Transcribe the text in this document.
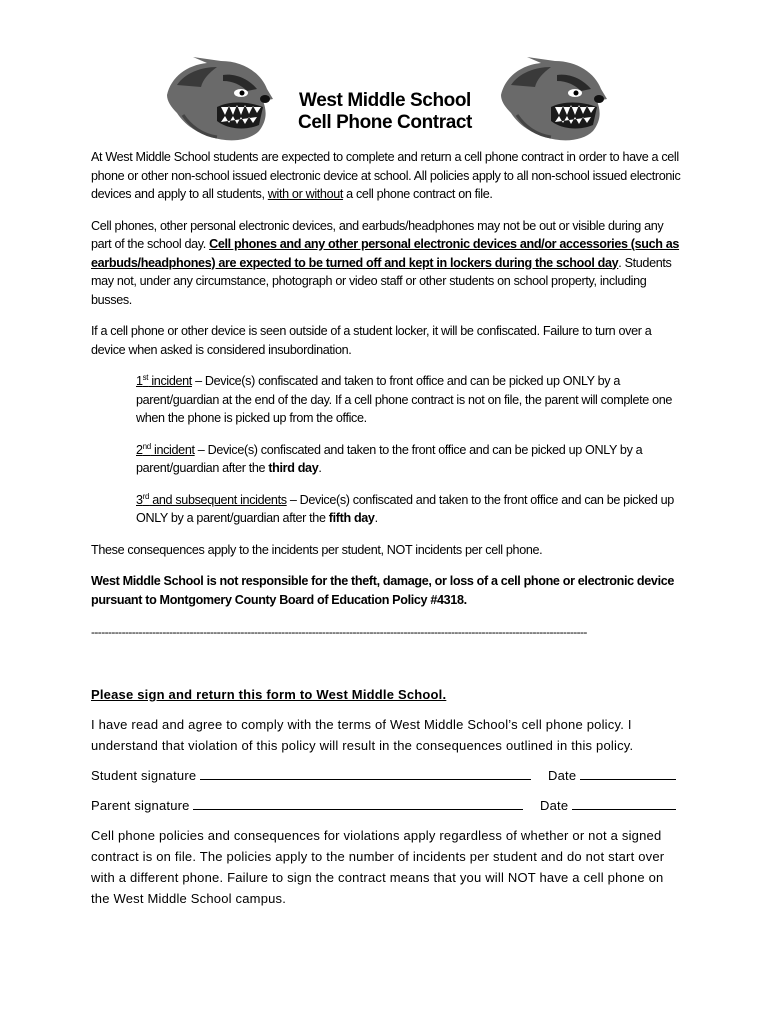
West Middle School
Cell Phone Contract

At West Middle School students are expected to complete and return a cell phone contract in order to have a cell phone or other non-school issued electronic device at school. All policies apply to all non-school issued electronic devices and apply to all students, with or without a cell phone contract on file.

Cell phones, other personal electronic devices, and earbuds/headphones may not be out or visible during any part of the school day. Cell phones and any other personal electronic devices and/or accessories (such as earbuds/headphones) are expected to be turned off and kept in lockers during the school day. Students may not, under any circumstance, photograph or video staff or other students on school property, including busses.

If a cell phone or other device is seen outside of a student locker, it will be confiscated. Failure to turn over a device when asked is considered insubordination.

1st incident – Device(s) confiscated and taken to front office and can be picked up ONLY by a parent/guardian at the end of the day. If a cell phone contract is not on file, the parent will complete one when the phone is picked up from the office.

2nd incident – Device(s) confiscated and taken to the front office and can be picked up ONLY by a parent/guardian after the third day.

3rd and subsequent incidents – Device(s) confiscated and taken to the front office and can be picked up ONLY by a parent/guardian after the fifth day.

These consequences apply to the incidents per student, NOT incidents per cell phone.

West Middle School is not responsible for the theft, damage, or loss of a cell phone or electronic device pursuant to Montgomery County Board of Education Policy #4318.

--------------------------------------------------------------------------------------------------------------------------------------------------

Please sign and return this form to West Middle School.

I have read and agree to comply with the terms of West Middle School’s cell phone policy. I understand that violation of this policy will result in the consequences outlined in this policy.

Student signature	Date
Parent signature	Date

Cell phone policies and consequences for violations apply regardless of whether or not a signed contract is on file. The policies apply to the number of incidents per student and do not start over with a different phone. Failure to sign the contract means that you will NOT have a cell phone on the West Middle School campus.
